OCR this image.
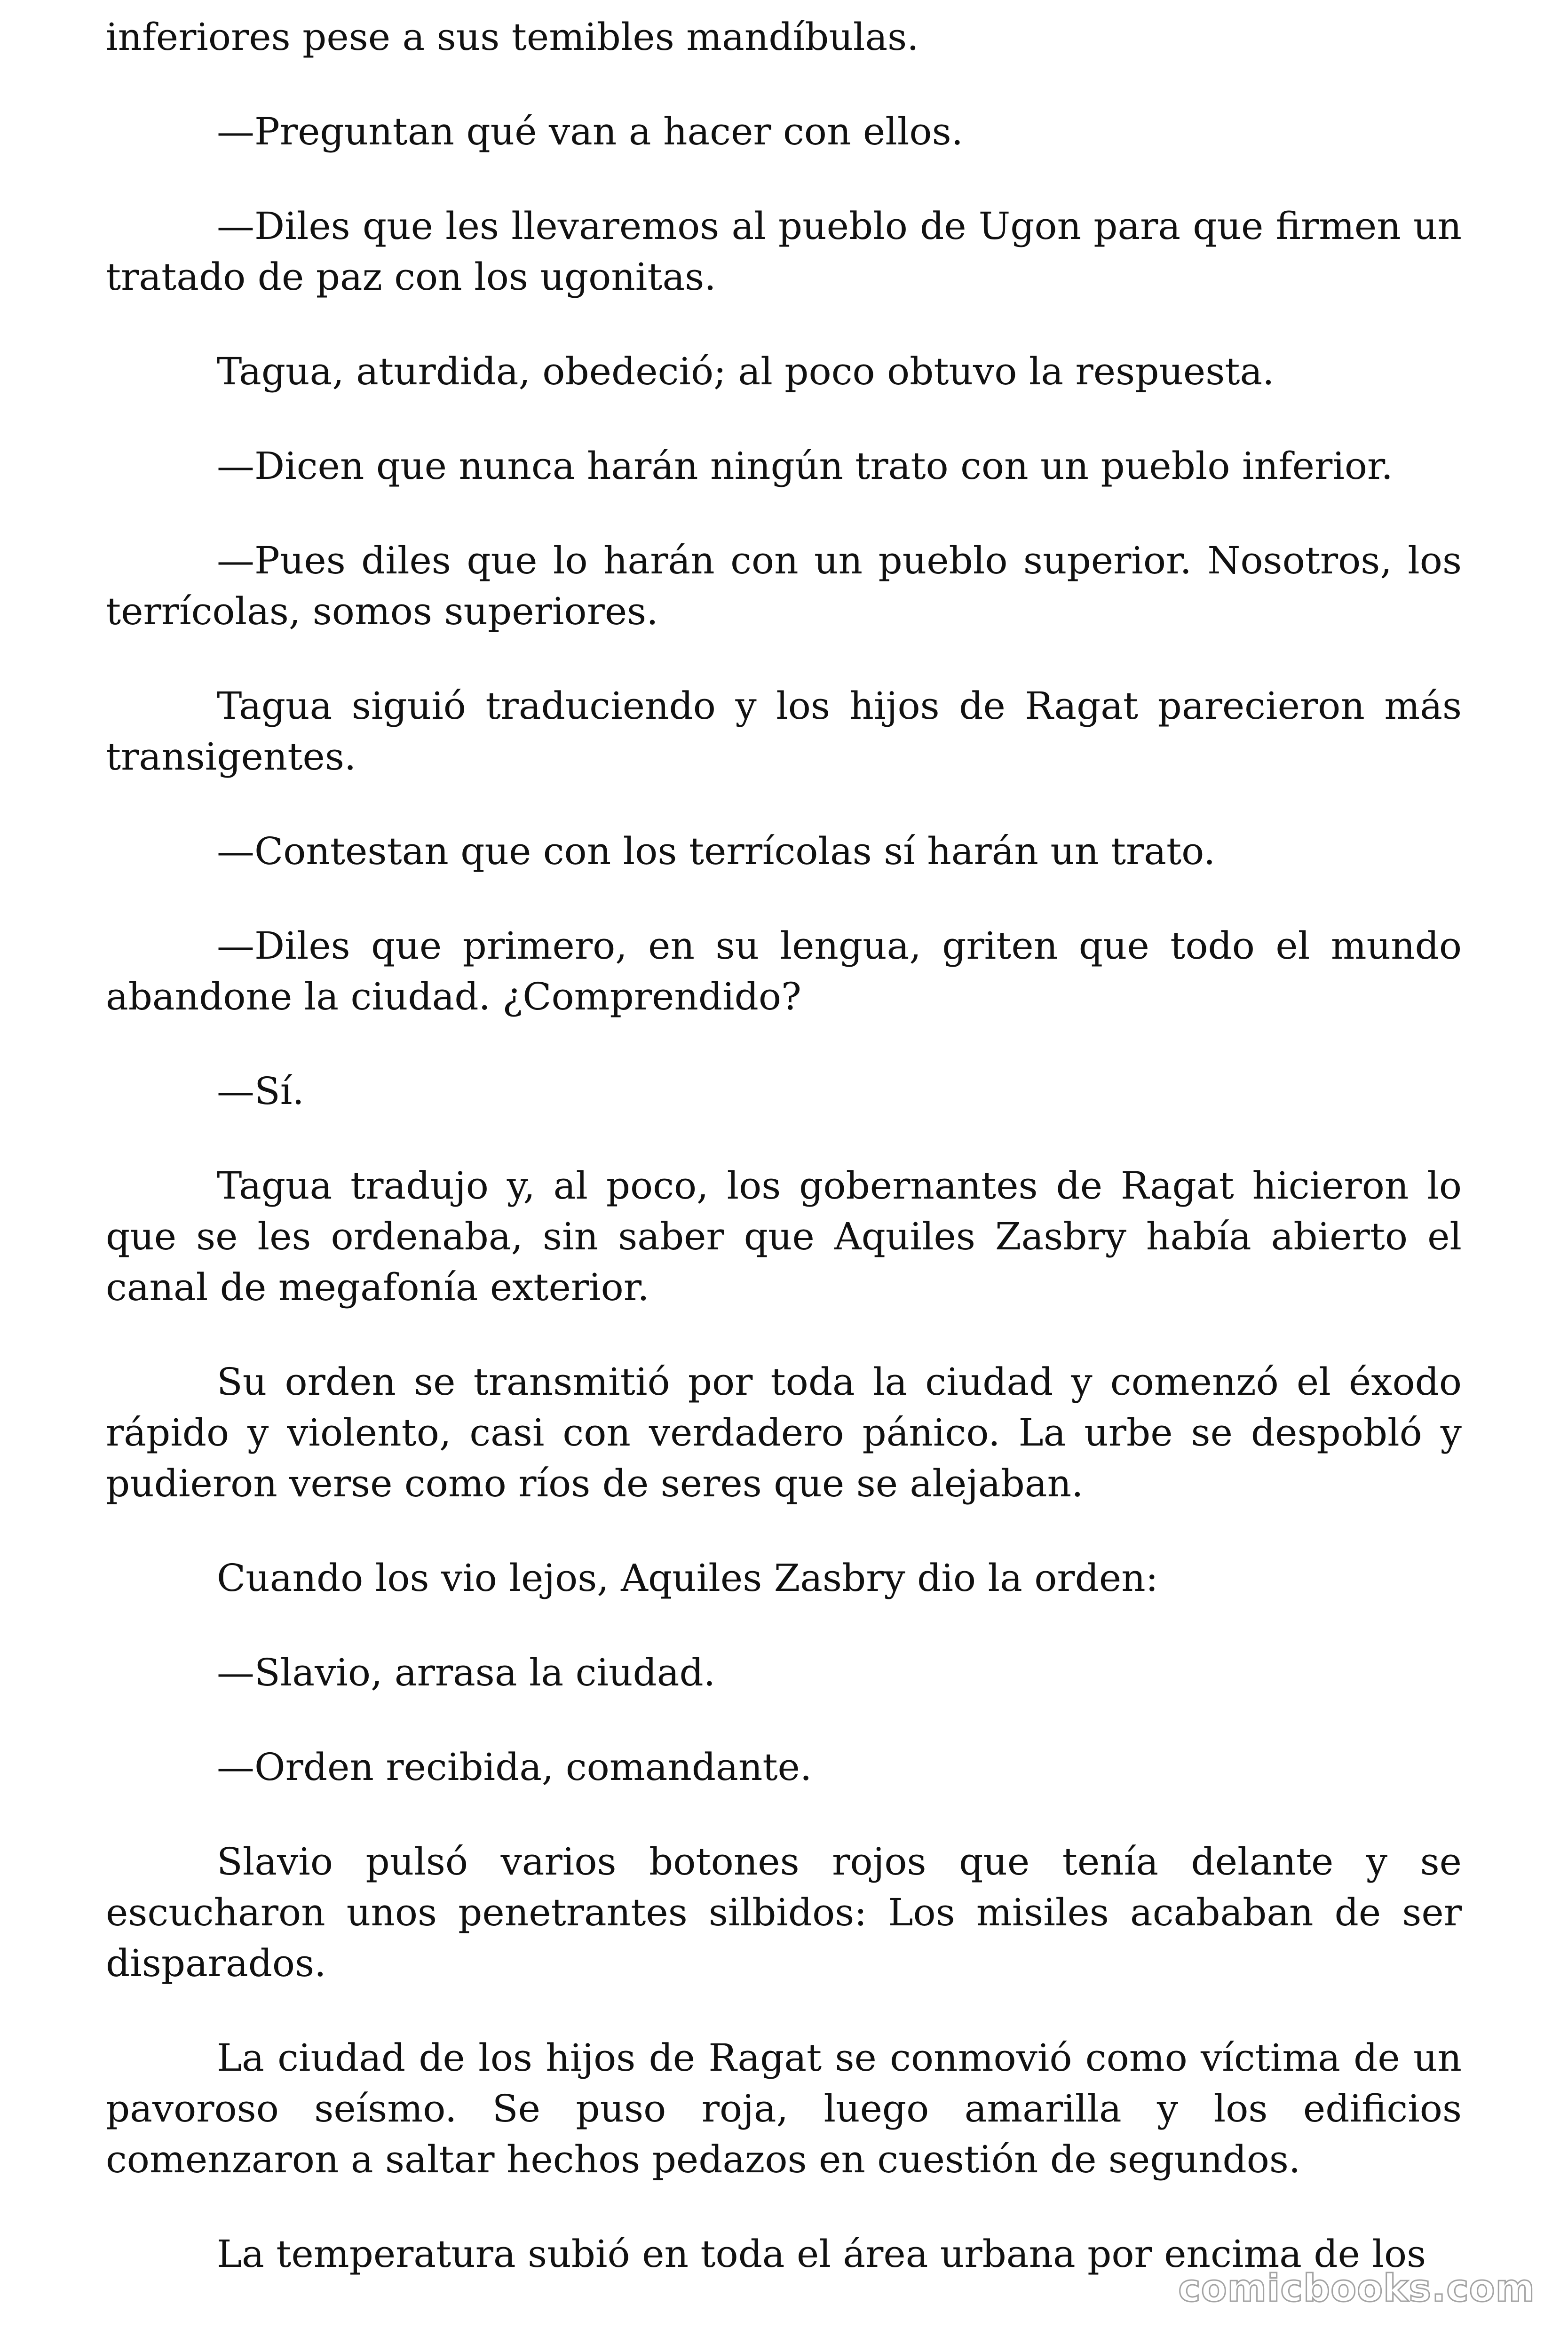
inferiores pese a sus temibles mandíbulas.

—Preguntan qué van a hacer con ellos.

—Diles que les llevaremos al pueblo de Ugon para que firmen un tratado de paz con los ugonitas.

Tagua, aturdida, obedeció; al poco obtuvo la respuesta.

—Dicen que nunca harán ningún trato con un pueblo inferior.

—Pues diles que lo harán con un pueblo superior. Nosotros, los terrícolas, somos superiores.

Tagua siguió traduciendo y los hijos de Ragat parecieron más transigentes.

—Contestan que con los terrícolas sí harán un trato.

—Diles que primero, en su lengua, griten que todo el mundo abandone la ciudad. ¿Comprendido?

—Sí.

Tagua tradujo y, al poco, los gobernantes de Ragat hicieron lo que se les ordenaba, sin saber que Aquiles Zasbry había abierto el canal de megafonía exterior.

Su orden se transmitió por toda la ciudad y comenzó el éxodo rápido y violento, casi con verdadero pánico. La urbe se despobló y pudieron verse como ríos de seres que se alejaban.

Cuando los vio lejos, Aquiles Zasbry dio la orden:

—Slavio, arrasa la ciudad.

—Orden recibida, comandante.

Slavio pulsó varios botones rojos que tenía delante y se escucharon unos penetrantes silbidos: Los misiles acababan de ser disparados.

La ciudad de los hijos de Ragat se conmovió como víctima de un pavoroso seísmo. Se puso roja, luego amarilla y los edificios comenzaron a saltar hechos pedazos en cuestión de segundos.

La temperatura subió en toda el área urbana por encima de los

comicbooks.com
